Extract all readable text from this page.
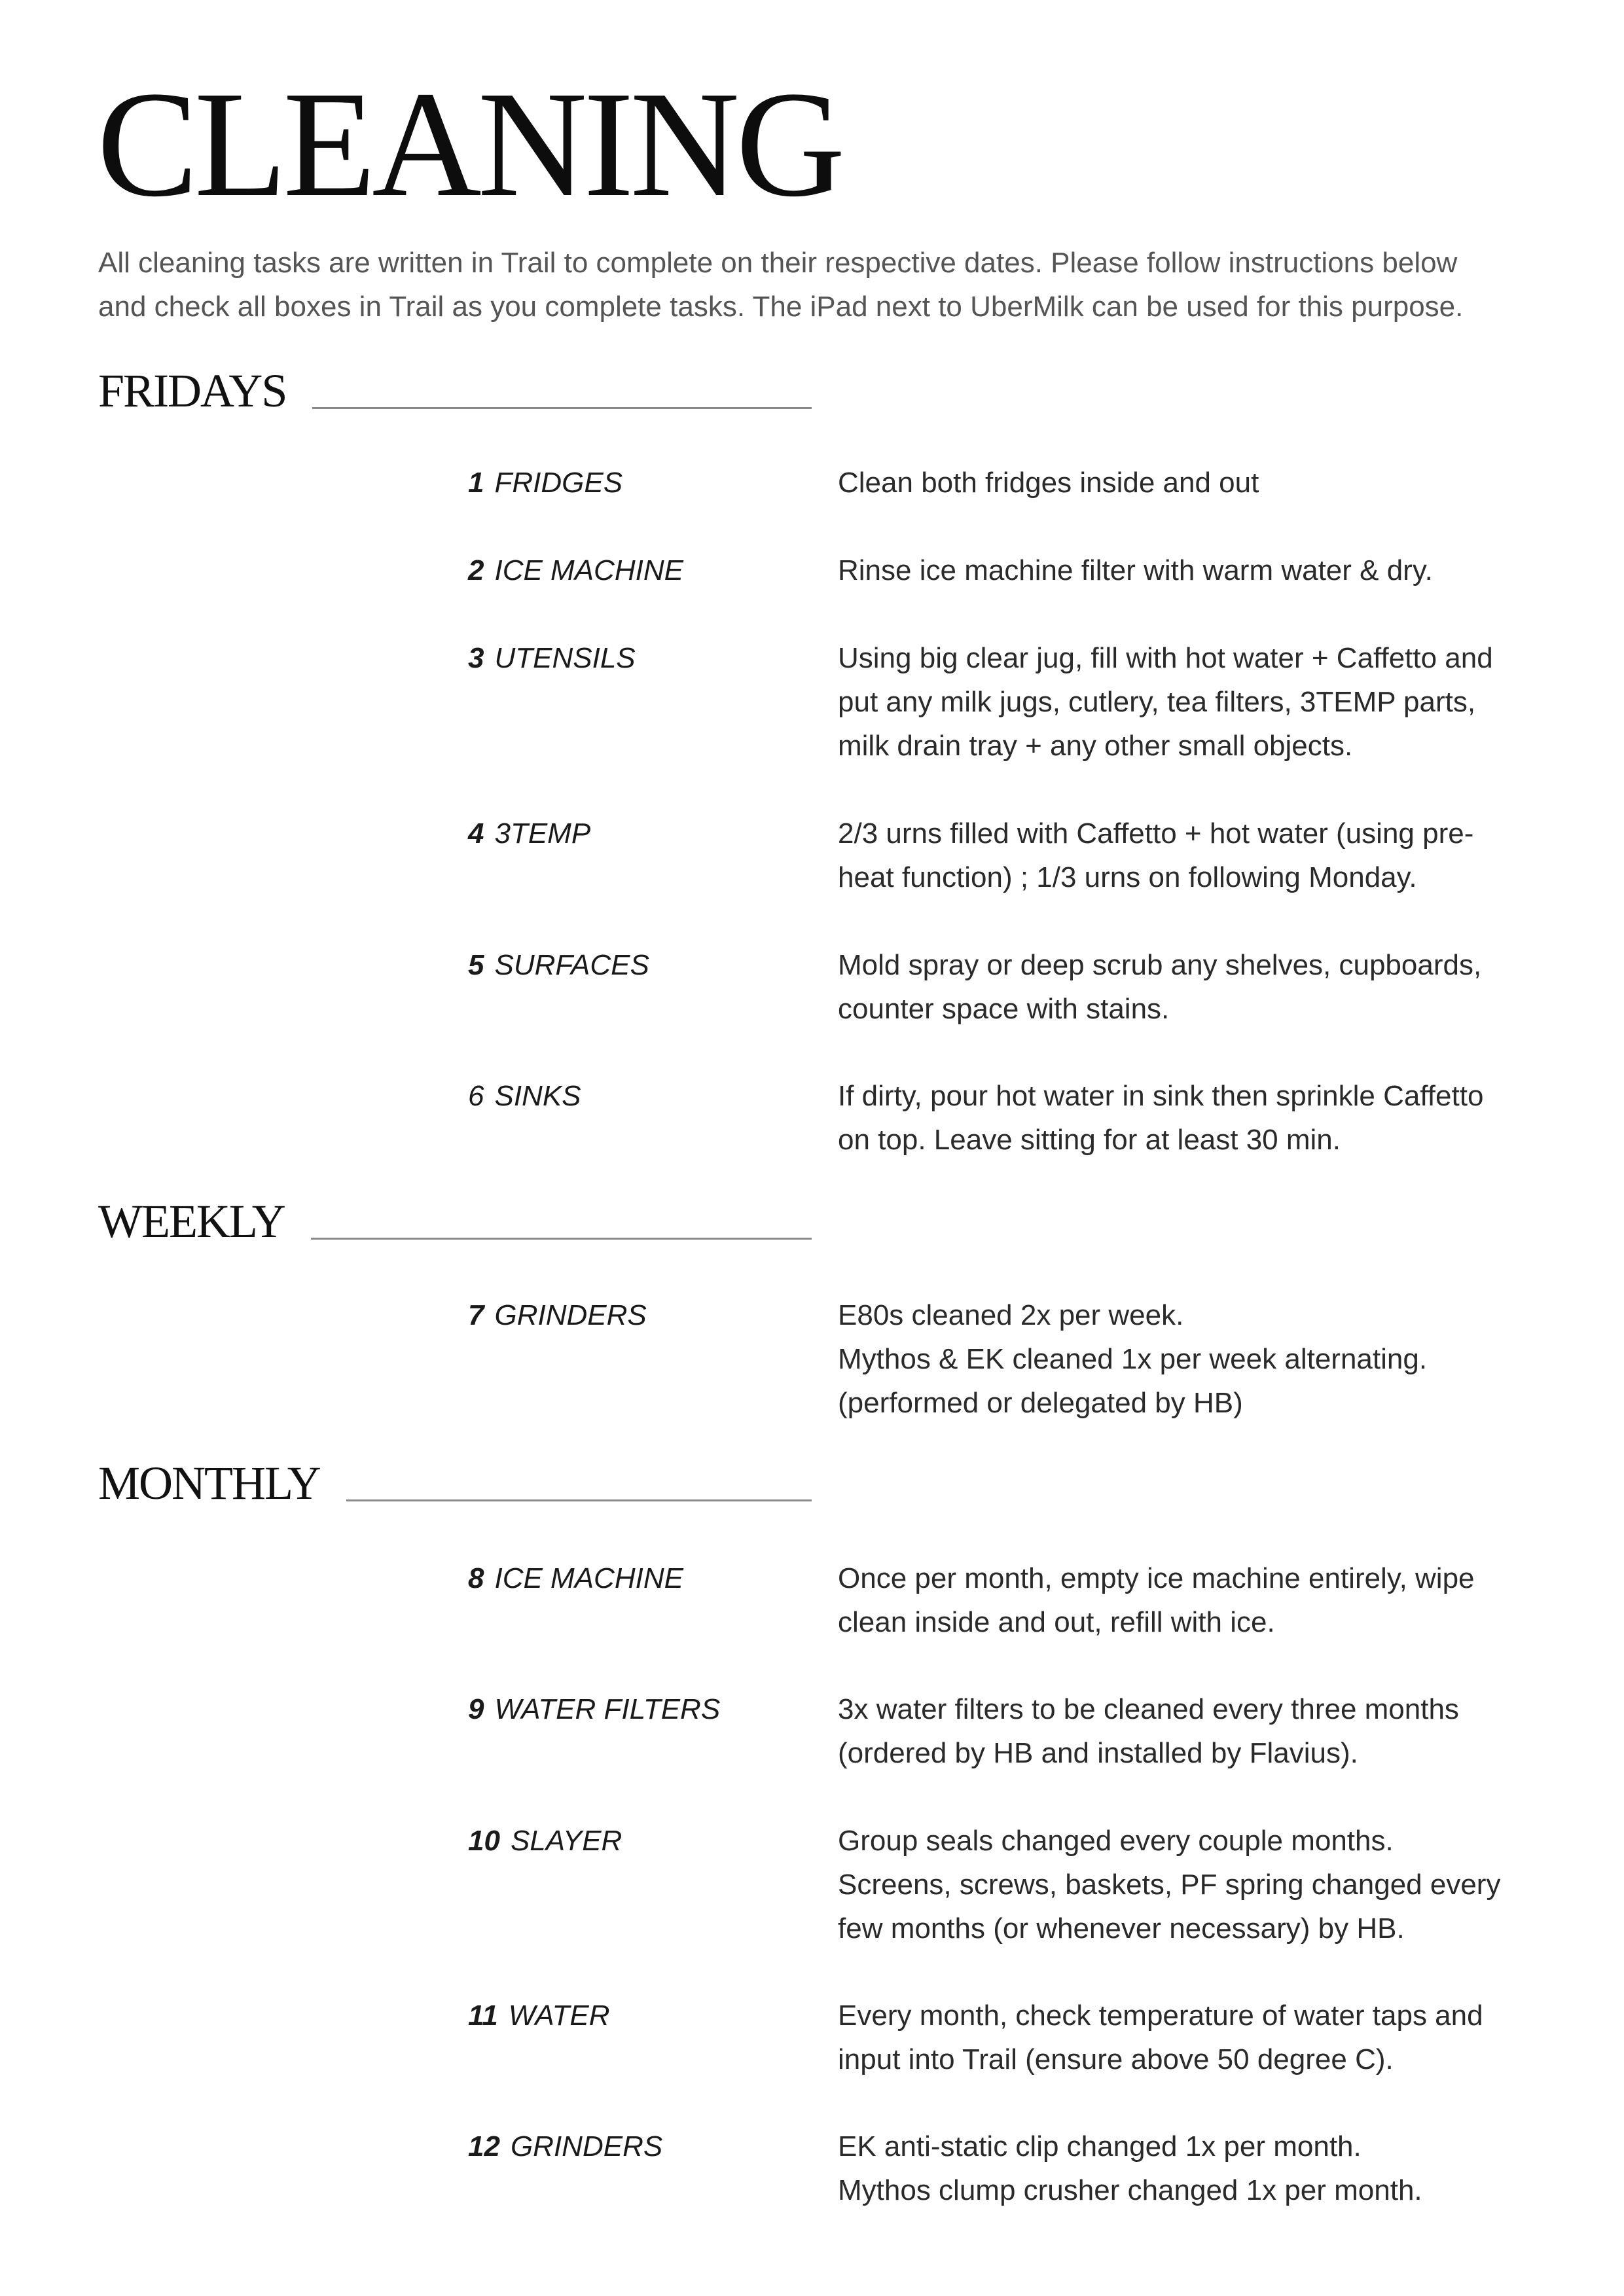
CLEANING
All cleaning tasks are written in Trail to complete on their respective dates. Please follow instructions below
and check all boxes in Trail as you complete tasks. The iPad next to UberMilk can be used for this purpose.
FRIDAYS
1 FRIDGES	Clean both fridges inside and out
2 ICE MACHINE	Rinse ice machine filter with warm water & dry.
3 UTENSILS	Using big clear jug, fill with hot water + Caffetto and
put any milk jugs, cutlery, tea filters, 3TEMP parts,
milk drain tray + any other small objects.
4 3TEMP	2/3 urns filled with Caffetto + hot water (using pre-
heat function) ; 1/3 urns on following Monday.
5 SURFACES	Mold spray or deep scrub any shelves, cupboards,
counter space with stains.
6 SINKS	If dirty, pour hot water in sink then sprinkle Caffetto
on top. Leave sitting for at least 30 min.
WEEKLY
7 GRINDERS	E80s cleaned 2x per week.
Mythos & EK cleaned 1x per week alternating.
(performed or delegated by HB)
MONTHLY
8 ICE MACHINE	Once per month, empty ice machine entirely, wipe
clean inside and out, refill with ice.
9 WATER FILTERS	3x water filters to be cleaned every three months
(ordered by HB and installed by Flavius).
10 SLAYER	Group seals changed every couple months.
Screens, screws, baskets, PF spring changed every
few months (or whenever necessary) by HB.
11 WATER	Every month, check temperature of water taps and
input into Trail (ensure above 50 degree C).
12 GRINDERS	EK anti-static clip changed 1x per month.
Mythos clump crusher changed 1x per month.
